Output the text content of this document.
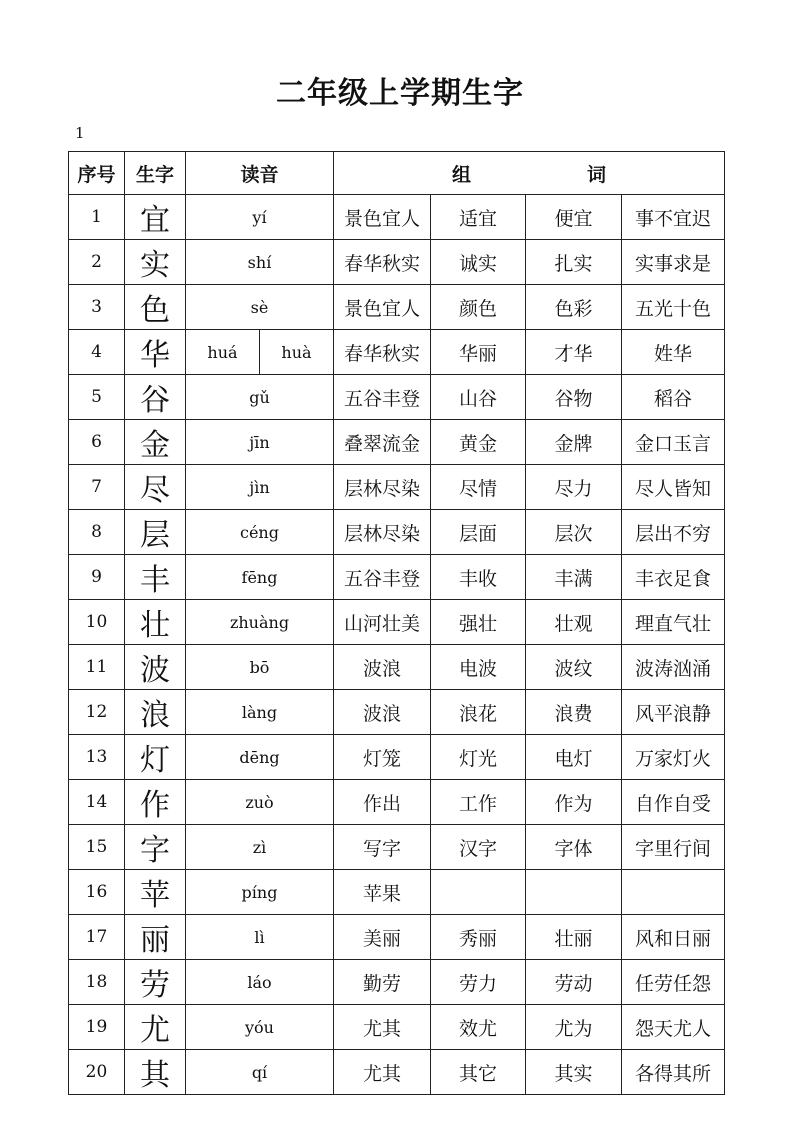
二年级上学期生字
1
序号	生字	读音	组 词			
1	宜	yí	景色宜人	适宜	便宜	事不宜迟
2	实	shí	春华秋实	诚实	扎实	实事求是
3	色	sè	景色宜人	颜色	色彩	五光十色
4	华	huá huà	春华秋实	华丽	才华	姓华
5	谷	gǔ	五谷丰登	山谷	谷物	稻谷
6	金	jīn	叠翠流金	黄金	金牌	金口玉言
7	尽	jìn	层林尽染	尽情	尽力	尽人皆知
8	层	céng	层林尽染	层面	层次	层出不穷
9	丰	fēng	五谷丰登	丰收	丰满	丰衣足食
10	壮	zhuàng	山河壮美	强壮	壮观	理直气壮
11	波	bō	波浪	电波	波纹	波涛汹涌
12	浪	làng	波浪	浪花	浪费	风平浪静
13	灯	dēng	灯笼	灯光	电灯	万家灯火
14	作	zuò	作出	工作	作为	自作自受
15	字	zì	写字	汉字	字体	字里行间
16	苹	píng	苹果			
17	丽	lì	美丽	秀丽	壮丽	风和日丽
18	劳	láo	勤劳	劳力	劳动	任劳任怨
19	尤	yóu	尤其	效尤	尤为	怨天尤人
20	其	qí	尤其	其它	其实	各得其所
